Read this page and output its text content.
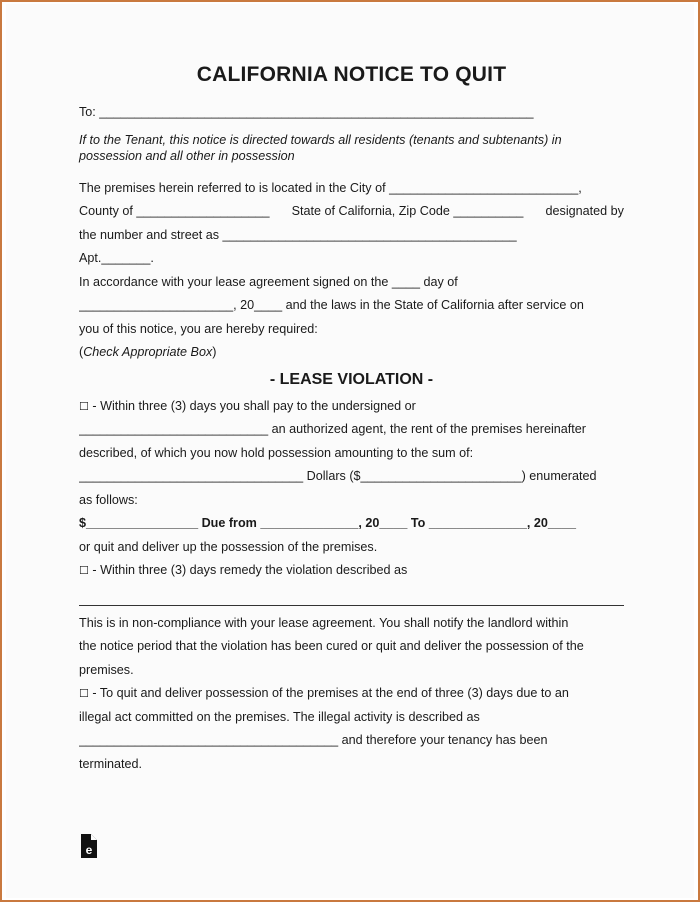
CALIFORNIA NOTICE TO QUIT
To: ______________________________________________________________
If to the Tenant, this notice is directed towards all residents (tenants and subtenants) in possession and all other in possession
The premises herein referred to is located in the City of ___________________________,
County of ___________________ State of California, Zip Code __________ designated by
the number and street as __________________________________________
Apt._______.
In accordance with your lease agreement signed on the ____ day of
______________________, 20____ and the laws in the State of California after service on
you of this notice, you are hereby required:
(Check Appropriate Box)
- LEASE VIOLATION -
☐ - Within three (3) days you shall pay to the undersigned or
___________________________ an authorized agent, the rent of the premises hereinafter
described, of which you now hold possession amounting to the sum of:
________________________________ Dollars ($_______________________) enumerated
as follows:
$________________ Due from ______________, 20____ To ______________, 20____
or quit and deliver up the possession of the premises.
☐ - Within three (3) days remedy the violation described as
This is in non-compliance with your lease agreement. You shall notify the landlord within
the notice period that the violation has been cured or quit and deliver the possession of the
premises.
☐ - To quit and deliver possession of the premises at the end of three (3) days due to an
illegal act committed on the premises. The illegal activity is described as
_____________________________________ and therefore your tenancy has been
terminated.
e
